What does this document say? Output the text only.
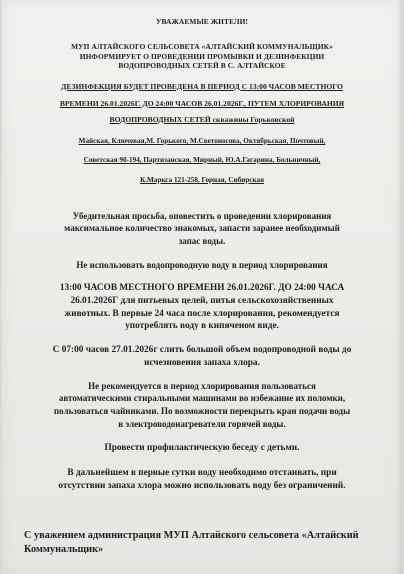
УВАЖАЕМЫЕ ЖИТЕЛИ!
МУП АЛТАЙСКОГО СЕЛЬСОВЕТА «АЛТАЙСКИЙ КОММУНАЛЬЩИК»
ИНФОРМИРУЕТ О ПРОВЕДЕНИИ ПРОМЫВКИ И ДЕЗИНФЕКЦИИ
ВОДОПРОВОДНЫХ СЕТЕЙ В С. АЛТАЙСКОЕ
ДЕЗИНФЕКЦИЯ БУДЕТ ПРОВЕДЕНА В ПЕРИОД С 13:00 ЧАСОВ МЕСТНОГО
ВРЕМЕНИ 26.01.2026Г. ДО 24:00 ЧАСОВ 26.01.2026Г., ПУТЕМ ХЛОРИРОВАНИЯ
ВОДОПРОВОДНЫХ СЕТЕЙ скважины Горьковской
Майская, Ключевая,М. Горького, М.Светоносова, Октябрьская, Почтовый,
Советская 90-194, Партизанская, Мирный, Ю.А.Гагарина, Больничный,
К.Маркса 121-258, Горная, Сибирская
Убедительная просьба, оповестить о проведении хлорирования
максимальное количество знакомых, запасти заранее необходимый
запас воды.
Не использовать водопроводную воду в период хлорирования
13:00 ЧАСОВ МЕСТНОГО ВРЕМЕНИ 26.01.2026Г. ДО 24:00 ЧАСА
26.01.2026Г для питьевых целей, питья сельскохозяйственных
животных. В первые 24 часа после хлорирования, рекомендуется
употреблять воду в кипяченом виде.
С 07:00 часов 27.01.2026г слить большой объем водопроводной воды до
исчезновения запаха хлора.
Не рекомендуется в период хлорирования пользоваться
автоматическими стиральными машинами во избежание их поломки,
пользоваться чайниками. По возможности перекрыть кран подачи воды
в электроводонагреватели горячей воды.
Провести профилактическую беседу с детьми.
В дальнейшем в первые сутки воду необходимо отстаивать, при
отсутствии запаха хлора можно использовать воду без ограничений.
С уважением администрация МУП Алтайского сельсовета «Алтайский
Коммунальщик»
